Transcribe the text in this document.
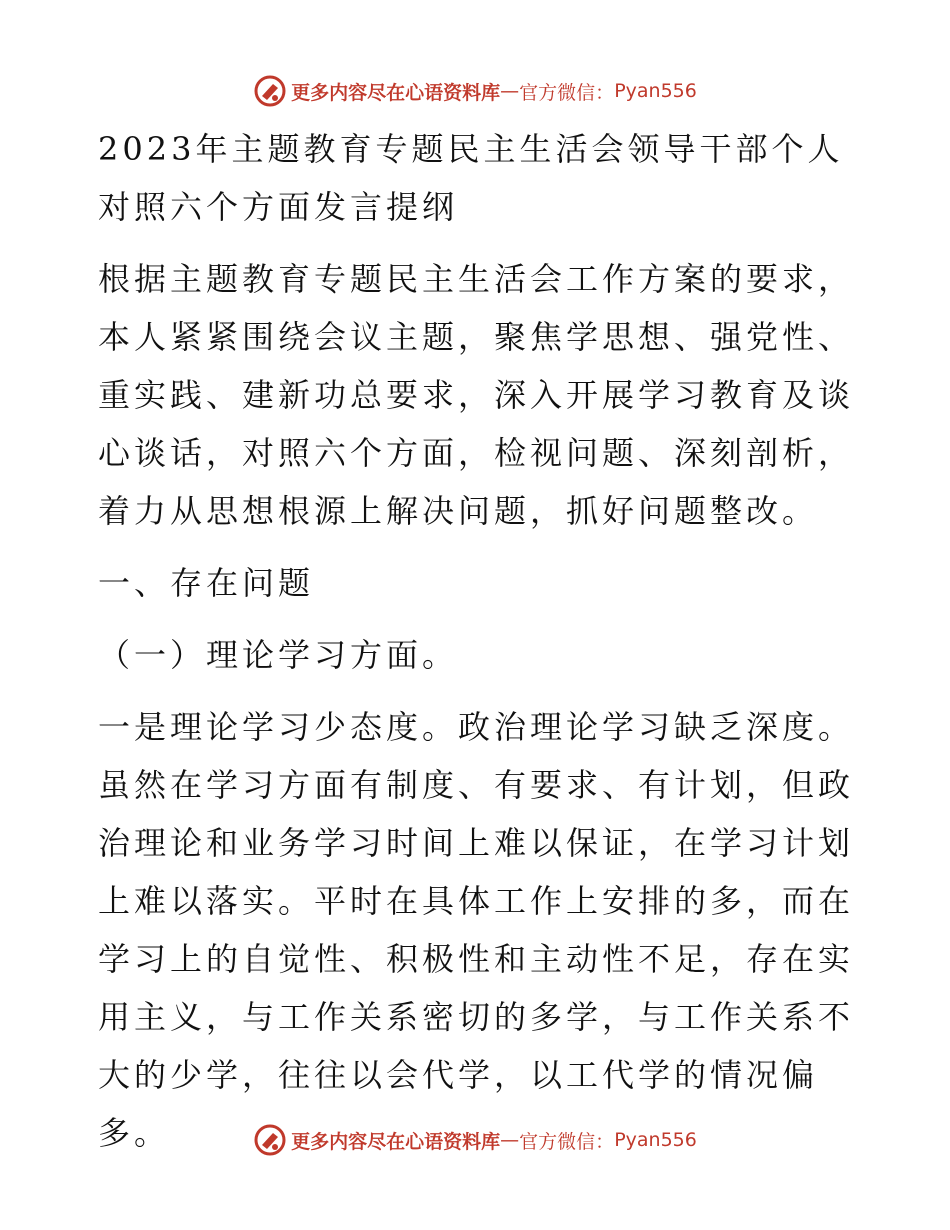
更多内容尽在心语资料库 — 官方微信： Pyan556

2023年主题教育专题民主生活会领导干部个人对照六个方面发言提纲

根据主题教育专题民主生活会工作方案的要求，本人紧紧围绕会议主题，聚焦学思想、强党性、重实践、建新功总要求，深入开展学习教育及谈心谈话，对照六个方面，检视问题、深刻剖析，着力从思想根源上解决问题，抓好问题整改。

一、存在问题

（一）理论学习方面。

一是理论学习少态度。政治理论学习缺乏深度。虽然在学习方面有制度、有要求、有计划，但政治理论和业务学习时间上难以保证，在学习计划上难以落实。平时在具体工作上安排的多，而在学习上的自觉性、积极性和主动性不足，存在实用主义，与工作关系密切的多学，与工作关系不大的少学，往往以会代学，以工代学的情况偏多。	更多内容尽在心语资料库 — 官方微信： Pyan556
